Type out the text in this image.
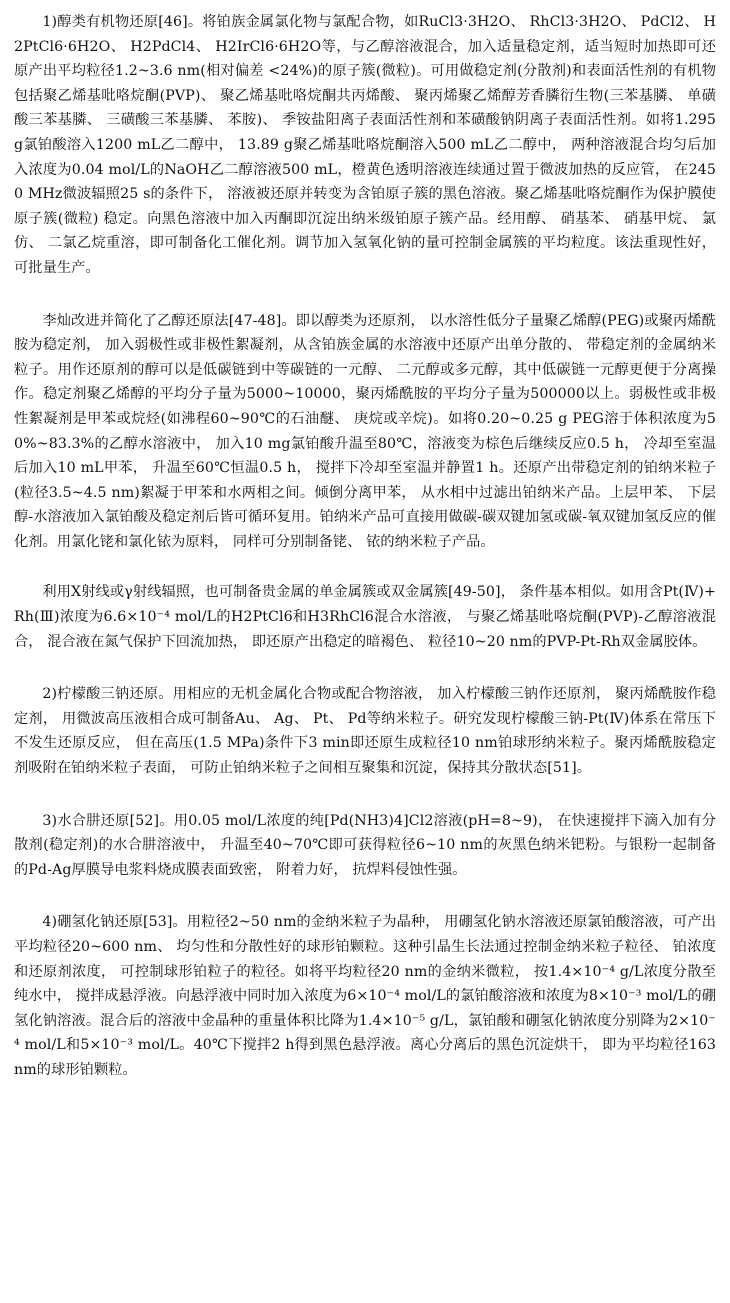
1)醇类有机物还原[46]。将铂族金属氯化物与氯配合物，如RuCl3·3H2O、 RhCl3·3H2O、 PdCl2、 H2PtCl6·6H2O、 H2PdCl4、 H2IrCl6·6H2O等，与乙醇溶液混合，加入适量稳定剂，适当短时加热即可还原产出平均粒径1.2~3.6 nm(相对偏差 <24%)的原子簇(微粒)。可用做稳定剂(分散剂)和表面活性剂的有机物包括聚乙烯基吡咯烷酮(PVP)、 聚乙烯基吡咯烷酮共丙烯酸、 聚丙烯聚乙烯醇芳香膦衍生物(三苯基膦、 单磺酸三苯基膦、 三磺酸三苯基膦、 苯胺)、 季铵盐阳离子表面活性剂和苯磺酸钠阴离子表面活性剂。如将1.295 g氯铂酸溶入1200 mL乙二醇中， 13.89 g聚乙烯基吡咯烷酮溶入500 mL乙二醇中， 两种溶液混合均匀后加入浓度为0.04 mol/L的NaOH乙二醇溶液500 mL，橙黄色透明溶液连续通过置于微波加热的反应管， 在2450 MHz微波辐照25 s的条件下， 溶液被还原并转变为含铂原子簇的黑色溶液。聚乙烯基吡咯烷酮作为保护膜使原子簇(微粒) 稳定。向黑色溶液中加入丙酮即沉淀出纳米级铂原子簇产品。经用醇、 硝基苯、 硝基甲烷、 氯仿、 二氯乙烷重溶，即可制备化工催化剂。调节加入氢氧化钠的量可控制金属簇的平均粒度。该法重现性好， 可批量生产。

李灿改进并简化了乙醇还原法[47-48]。即以醇类为还原剂， 以水溶性低分子量聚乙烯醇(PEG)或聚丙烯酰胺为稳定剂， 加入弱极性或非极性絮凝剂，从含铂族金属的水溶液中还原产出单分散的、 带稳定剂的金属纳米粒子。用作还原剂的醇可以是低碳链到中等碳链的一元醇、 二元醇或多元醇，其中低碳链一元醇更便于分离操作。稳定剂聚乙烯醇的平均分子量为5000~10000，聚丙烯酰胺的平均分子量为500000以上。弱极性或非极性絮凝剂是甲苯或烷烃(如沸程60~90℃的石油醚、 庚烷或辛烷)。如将0.20~0.25 g PEG溶于体积浓度为50%~83.3%的乙醇水溶液中， 加入10 mg氯铂酸升温至80℃，溶液变为棕色后继续反应0.5 h， 冷却至室温后加入10 mL甲苯， 升温至60℃恒温0.5 h， 搅拌下冷却至室温并静置1 h。还原产出带稳定剂的铂纳米粒子(粒径3.5~4.5 nm)絮凝于甲苯和水两相之间。倾倒分离甲苯， 从水相中过滤出铂纳米产品。上层甲苯、 下层醇-水溶液加入氯铂酸及稳定剂后皆可循环复用。铂纳米产品可直接用做碳-碳双键加氢或碳-氧双键加氢反应的催化剂。用氯化铑和氯化铱为原料， 同样可分别制备铑、 铱的纳米粒子产品。

利用X射线或γ射线辐照，也可制备贵金属的单金属簇或双金属簇[49-50]， 条件基本相似。如用含Pt(Ⅳ)+Rh(Ⅲ)浓度为6.6×10⁻⁴ mol/L的H2PtCl6和H3RhCl6混合水溶液， 与聚乙烯基吡咯烷酮(PVP)-乙醇溶液混合， 混合液在氮气保护下回流加热， 即还原产出稳定的暗褐色、 粒径10~20 nm的PVP-Pt-Rh双金属胶体。

2)柠檬酸三钠还原。用相应的无机金属化合物或配合物溶液， 加入柠檬酸三钠作还原剂， 聚丙烯酰胺作稳定剂， 用微波高压液相合成可制备Au、 Ag、 Pt、 Pd等纳米粒子。研究发现柠檬酸三钠-Pt(Ⅳ)体系在常压下不发生还原反应， 但在高压(1.5 MPa)条件下3 min即还原生成粒径10 nm铂球形纳米粒子。聚丙烯酰胺稳定剂吸附在铂纳米粒子表面， 可防止铂纳米粒子之间相互聚集和沉淀，保持其分散状态[51]。

3)水合肼还原[52]。用0.05 mol/L浓度的纯[Pd(NH3)4]Cl2溶液(pH=8~9)， 在快速搅拌下滴入加有分散剂(稳定剂)的水合肼溶液中， 升温至40~70℃即可获得粒径6~10 nm的灰黑色纳米钯粉。与银粉一起制备的Pd-Ag厚膜导电浆料烧成膜表面致密， 附着力好， 抗焊料侵蚀性强。

4)硼氢化钠还原[53]。用粒径2~50 nm的金纳米粒子为晶种， 用硼氢化钠水溶液还原氯铂酸溶液，可产出平均粒径20~600 nm、 均匀性和分散性好的球形铂颗粒。这种引晶生长法通过控制金纳米粒子粒径、 铂浓度和还原剂浓度， 可控制球形铂粒子的粒径。如将平均粒径20 nm的金纳米微粒， 按1.4×10⁻⁴ g/L浓度分散至纯水中， 搅拌成悬浮液。向悬浮液中同时加入浓度为6×10⁻⁴ mol/L的氯铂酸溶液和浓度为8×10⁻³ mol/L的硼氢化钠溶液。混合后的溶液中金晶种的重量体积比降为1.4×10⁻⁵ g/L，氯铂酸和硼氢化钠浓度分别降为2×10⁻⁴ mol/L和5×10⁻³ mol/L。40℃下搅拌2 h得到黑色悬浮液。离心分离后的黑色沉淀烘干， 即为平均粒径163 nm的球形铂颗粒。
